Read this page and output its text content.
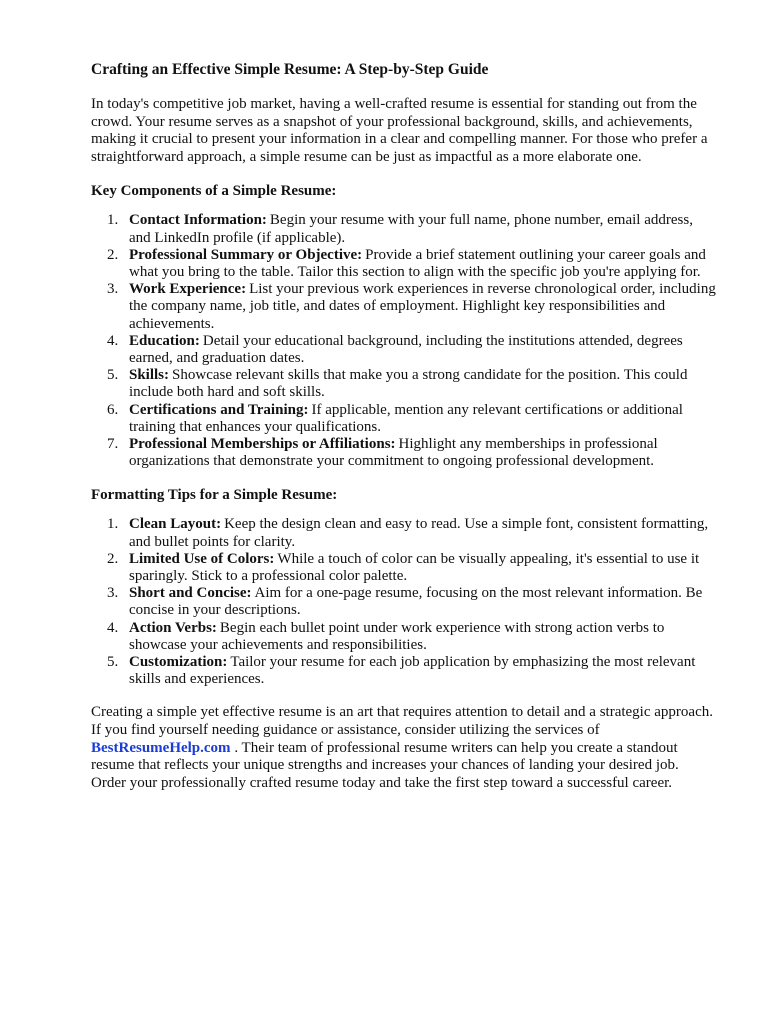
Crafting an Effective Simple Resume: A Step-by-Step Guide

In today's competitive job market, having a well-crafted resume is essential for standing out from the crowd. Your resume serves as a snapshot of your professional background, skills, and achievements, making it crucial to present your information in a clear and compelling manner. For those who prefer a straightforward approach, a simple resume can be just as impactful as a more elaborate one.

Key Components of a Simple Resume:
1. Contact Information: Begin your resume with your full name, phone number, email address, and LinkedIn profile (if applicable).
2. Professional Summary or Objective: Provide a brief statement outlining your career goals and what you bring to the table. Tailor this section to align with the specific job you're applying for.
3. Work Experience: List your previous work experiences in reverse chronological order, including the company name, job title, and dates of employment. Highlight key responsibilities and achievements.
4. Education: Detail your educational background, including the institutions attended, degrees earned, and graduation dates.
5. Skills: Showcase relevant skills that make you a strong candidate for the position. This could include both hard and soft skills.
6. Certifications and Training: If applicable, mention any relevant certifications or additional training that enhances your qualifications.
7. Professional Memberships or Affiliations: Highlight any memberships in professional organizations that demonstrate your commitment to ongoing professional development.
Formatting Tips for a Simple Resume:
1. Clean Layout: Keep the design clean and easy to read. Use a simple font, consistent formatting, and bullet points for clarity.
2. Limited Use of Colors: While a touch of color can be visually appealing, it's essential to use it sparingly. Stick to a professional color palette.
3. Short and Concise: Aim for a one-page resume, focusing on the most relevant information. Be concise in your descriptions.
4. Action Verbs: Begin each bullet point under work experience with strong action verbs to showcase your achievements and responsibilities.
5. Customization: Tailor your resume for each job application by emphasizing the most relevant skills and experiences.

Creating a simple yet effective resume is an art that requires attention to detail and a strategic approach. If you find yourself needing guidance or assistance, consider utilizing the services of
BestResumeHelp.com . Their team of professional resume writers can help you create a standout resume that reflects your unique strengths and increases your chances of landing your desired job. Order your professionally crafted resume today and take the first step toward a successful career.
